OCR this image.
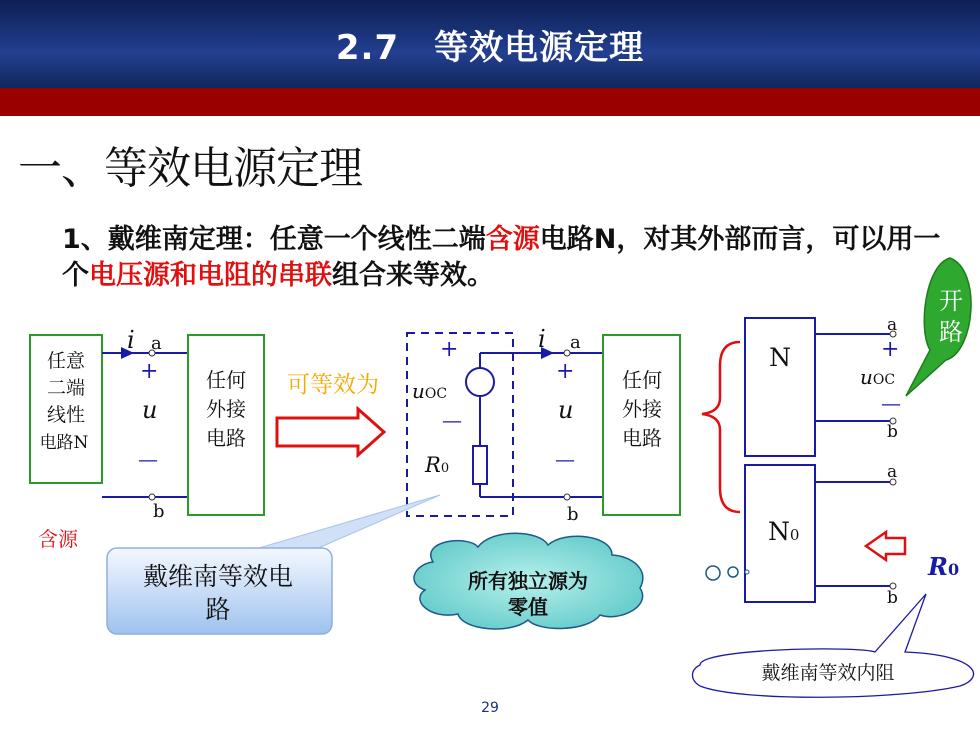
2.7　等效电源定理
一、等效电源定理
1、戴维南定理：任意一个线性二端含源电路N，对其外部而言，可以用一个电压源和电阻的串联组合来等效。
任意
二端
线性
电路N
i a
+
u
—
b
任何
外接
电路
含源
可等效为
+
uOC
—
R0
i a
+
u
—
b
任何
外接
电路
N
a
+
uOC
—
b
开
路
N0
a
b
R0
戴维南等效电
路
所有独立源为
零值
戴维南等效内阻
29
